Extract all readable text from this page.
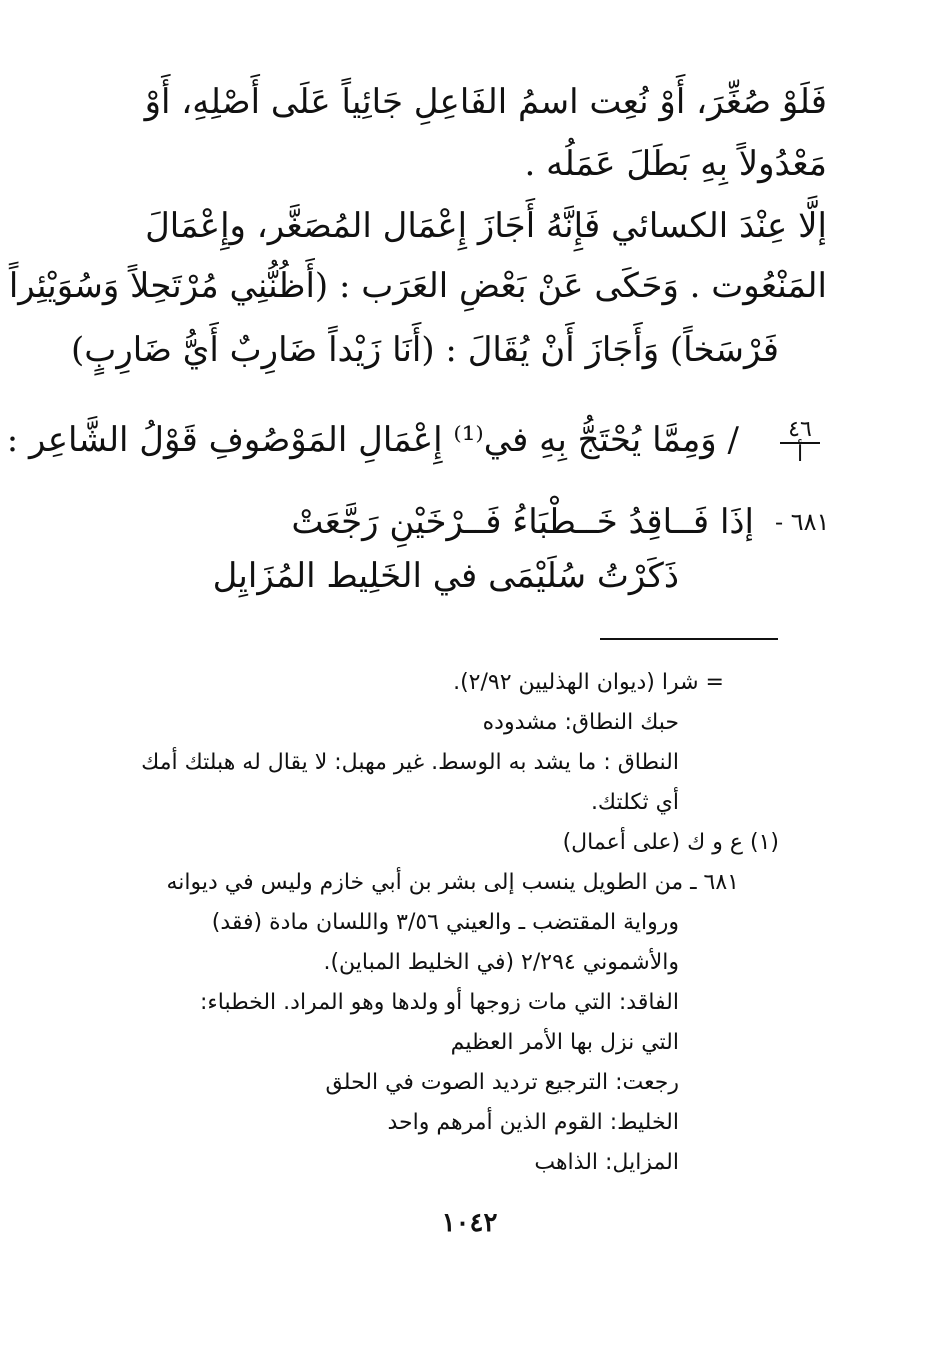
فَلَوْ صُغِّرَ، أَوْ نُعِت اسمُ الفَاعِلِ جَائِياً عَلَى أَصْلِهِ، أَوْ
مَعْدُولاً بِهِ بَطَلَ عَمَلُه .
إلَّا عِنْدَ الكسائي فَإِنَّهُ أَجَازَ إِعْمَال المُصَغَّر، وإِعْمَالَ
المَنْعُوت . وَحَكَى عَنْ بَعْضِ العَرَب : (أَظُنُّنِي مُرْتَحِلاً وَسُوَيْئِراً
فَرْسَخاً) وَأَجَازَ أَنْ يُقَالَ : (أَنَا زَيْداً ضَارِبٌ أَيُّ ضَارِبٍ)
٤٦
أ
/ وَمِمَّا يُحْتَجُّ بِهِ في⁽¹⁾ إِعْمَالِ المَوْصُوفِ قَوْلُ الشَّاعِر :
٦٨١ -
إذَا فَــاقِدُ خَــطْبَاءُ فَــرْخَيْنِ رَجَّعَتْ
ذَكَرْتُ سُلَيْمَى في الخَلِيط المُزَايِل
= شرا (ديوان الهذليين ٢/٩٢).
حبك النطاق: مشدوده
النطاق : ما يشد به الوسط. غير مهبل: لا يقال له هبلتك أمك
أي ثكلتك.
(١) ع و ك (على أعمال)
٦٨١ ـ من الطويل ينسب إلى بشر بن أبي خازم وليس في ديوانه
ورواية المقتضب ـ والعيني ٣/٥٦ واللسان مادة (فقد)
والأشموني ٢/٢٩٤ (في الخليط المباين).
الفاقد: التي مات زوجها أو ولدها وهو المراد. الخطباء:
التي نزل بها الأمر العظيم
رجعت: الترجيع ترديد الصوت في الحلق
الخليط: القوم الذين أمرهم واحد
المزايل: الذاهب
١٠٤٢
